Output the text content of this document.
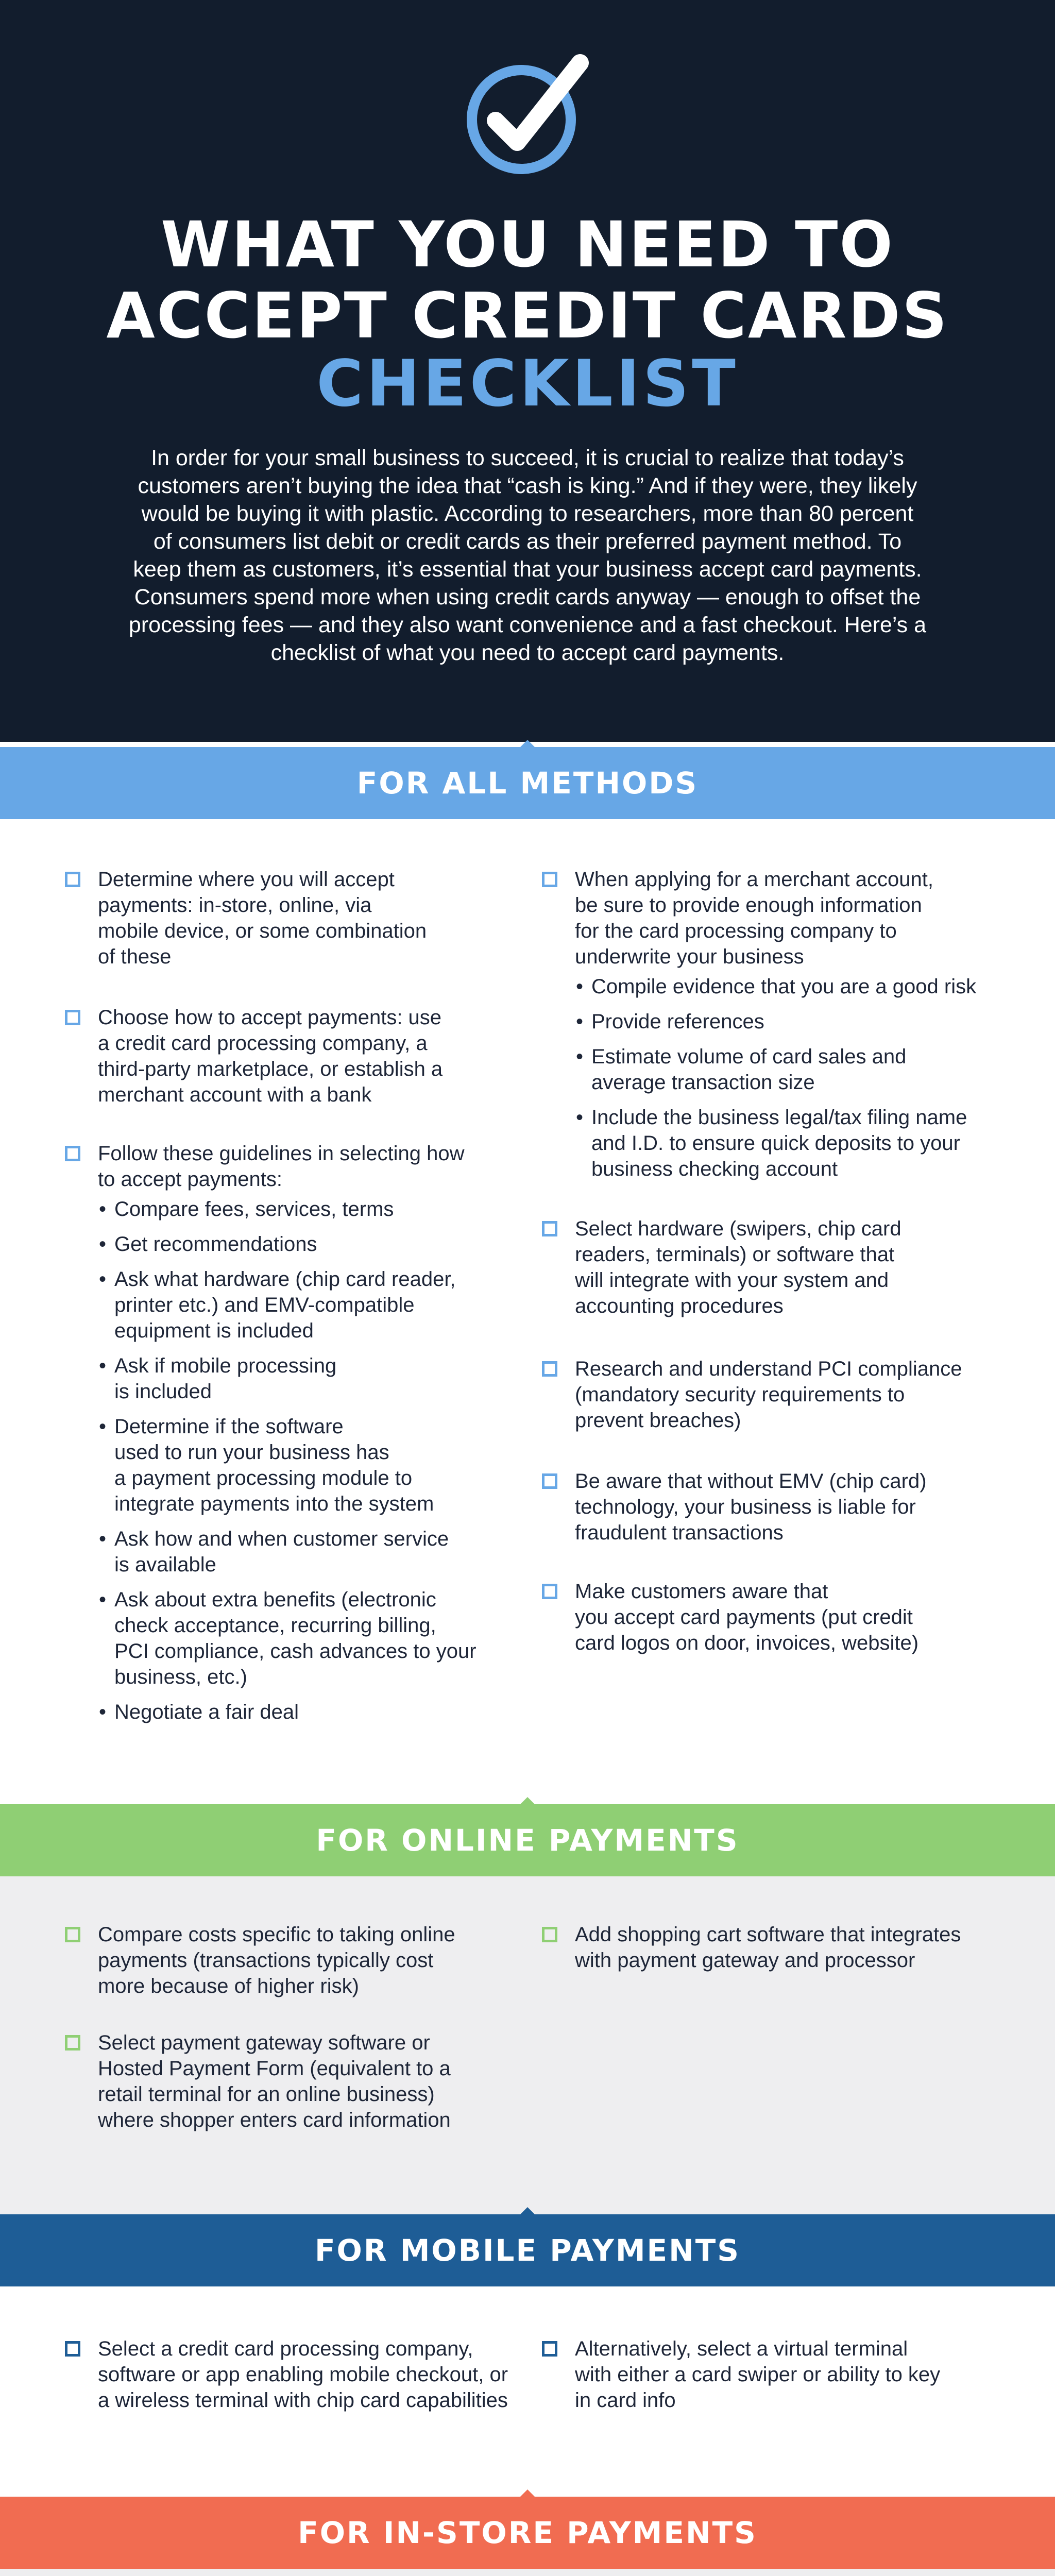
WHAT YOU NEED TO
ACCEPT CREDIT CARDS
CHECKLIST
In order for your small business to succeed, it is crucial to realize that today’s
customers aren’t buying the idea that “cash is king.” And if they were, they likely
would be buying it with plastic. According to researchers, more than 80 percent
of consumers list debit or credit cards as their preferred payment method. To
keep them as customers, it’s essential that your business accept card payments.
Consumers spend more when using credit cards anyway — enough to offset the
processing fees — and they also want convenience and a fast checkout. Here’s a
checklist of what you need to accept card payments.
FOR ALL METHODS
Determine where you will accept
payments: in-store, online, via
mobile device, or some combination
of these
Choose how to accept payments: use
a credit card processing company, a
third-party marketplace, or establish a
merchant account with a bank
Follow these guidelines in selecting how
to accept payments:
• Compare fees, services, terms
• Get recommendations
• Ask what hardware (chip card reader,
printer etc.) and EMV-compatible
equipment is included
• Ask if mobile processing
is included
• Determine if the software
used to run your business has
a payment processing module to
integrate payments into the system
• Ask how and when customer service
is available
• Ask about extra benefits (electronic
check acceptance, recurring billing,
PCI compliance, cash advances to your
business, etc.)
• Negotiate a fair deal
When applying for a merchant account,
be sure to provide enough information
for the card processing company to
underwrite your business
• Compile evidence that you are a good risk
• Provide references
• Estimate volume of card sales and
average transaction size
• Include the business legal/tax filing name
and I.D. to ensure quick deposits to your
business checking account
Select hardware (swipers, chip card
readers, terminals) or software that
will integrate with your system and
accounting procedures
Research and understand PCI compliance
(mandatory security requirements to
prevent breaches)
Be aware that without EMV (chip card)
technology, your business is liable for
fraudulent transactions
Make customers aware that
you accept card payments (put credit
card logos on door, invoices, website)
FOR ONLINE PAYMENTS
Compare costs specific to taking online
payments (transactions typically cost
more because of higher risk)
Select payment gateway software or
Hosted Payment Form (equivalent to a
retail terminal for an online business)
where shopper enters card information
Add shopping cart software that integrates
with payment gateway and processor
FOR MOBILE PAYMENTS
Select a credit card processing company,
software or app enabling mobile checkout, or
a wireless terminal with chip card capabilities
Alternatively, select a virtual terminal
with either a card swiper or ability to key
in card info
FOR IN-STORE PAYMENTS
